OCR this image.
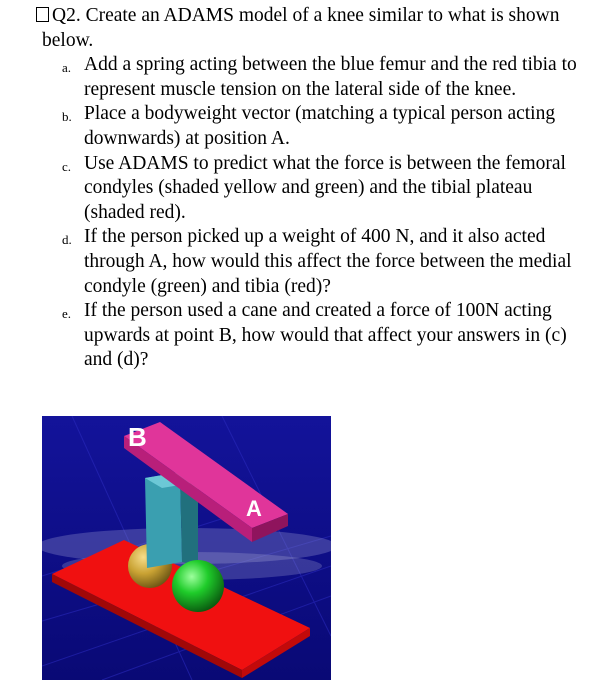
Q2. Create an ADAMS model of a knee similar to what is shown below.

a. Add a spring acting between the blue femur and the red tibia to represent muscle tension on the lateral side of the knee.
b. Place a bodyweight vector (matching a typical person acting downwards) at position A.
c. Use ADAMS to predict what the force is between the femoral condyles (shaded yellow and green) and the tibial plateau (shaded red).
d. If the person picked up a weight of 400 N, and it also acted through A, how would this affect the force between the medial condyle (green) and tibia (red)?
e. If the person used a cane and created a force of 100N acting upwards at point B, how would that affect your answers in (c) and (d)?
B
A
